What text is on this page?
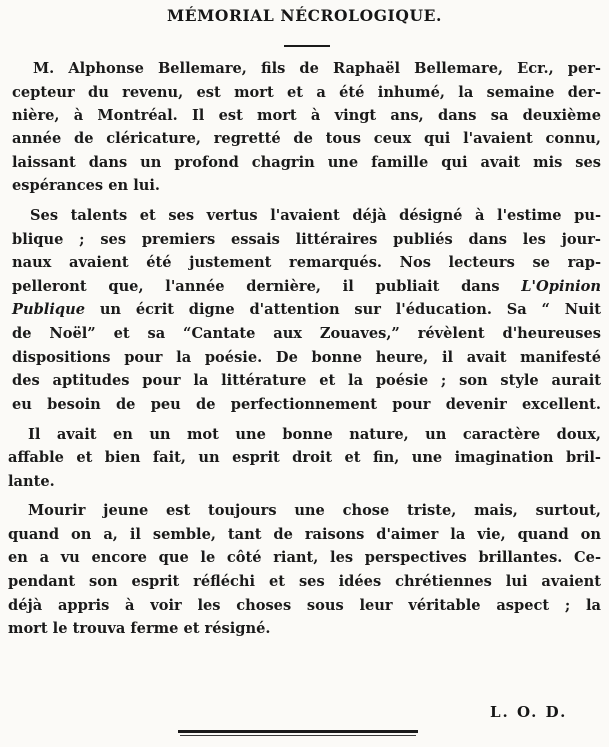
MÉMORIAL NÉCROLOGIQUE.
M. Alphonse Bellemare, fils de Raphaël Bellemare, Ecr., per-
cepteur du revenu, est mort et a été inhumé, la semaine der-
nière, à Montréal. Il est mort à vingt ans, dans sa deuxième
année de cléricature, regretté de tous ceux qui l'avaient connu,
laissant dans un profond chagrin une famille qui avait mis ses
espérances en lui.
Ses talents et ses vertus l'avaient déjà désigné à l'estime pu-
blique ; ses premiers essais littéraires publiés dans les jour-
naux avaient été justement remarqués. Nos lecteurs se rap-
pelleront que, l'année dernière, il publiait dans L'Opinion
Publique un écrit digne d'attention sur l'éducation. Sa “ Nuit
de Noël” et sa “Cantate aux Zouaves,” révèlent d'heureuses
dispositions pour la poésie. De bonne heure, il avait manifesté
des aptitudes pour la littérature et la poésie ; son style aurait
eu besoin de peu de perfectionnement pour devenir excellent.
Il avait en un mot une bonne nature, un caractère doux,
affable et bien fait, un esprit droit et fin, une imagination bril-
lante.
Mourir jeune est toujours une chose triste, mais, surtout,
quand on a, il semble, tant de raisons d'aimer la vie, quand on
en a vu encore que le côté riant, les perspectives brillantes. Ce-
pendant son esprit réfléchi et ses idées chrétiennes lui avaient
déjà appris à voir les choses sous leur véritable aspect ; la
mort le trouva ferme et résigné.
L. O. D.
